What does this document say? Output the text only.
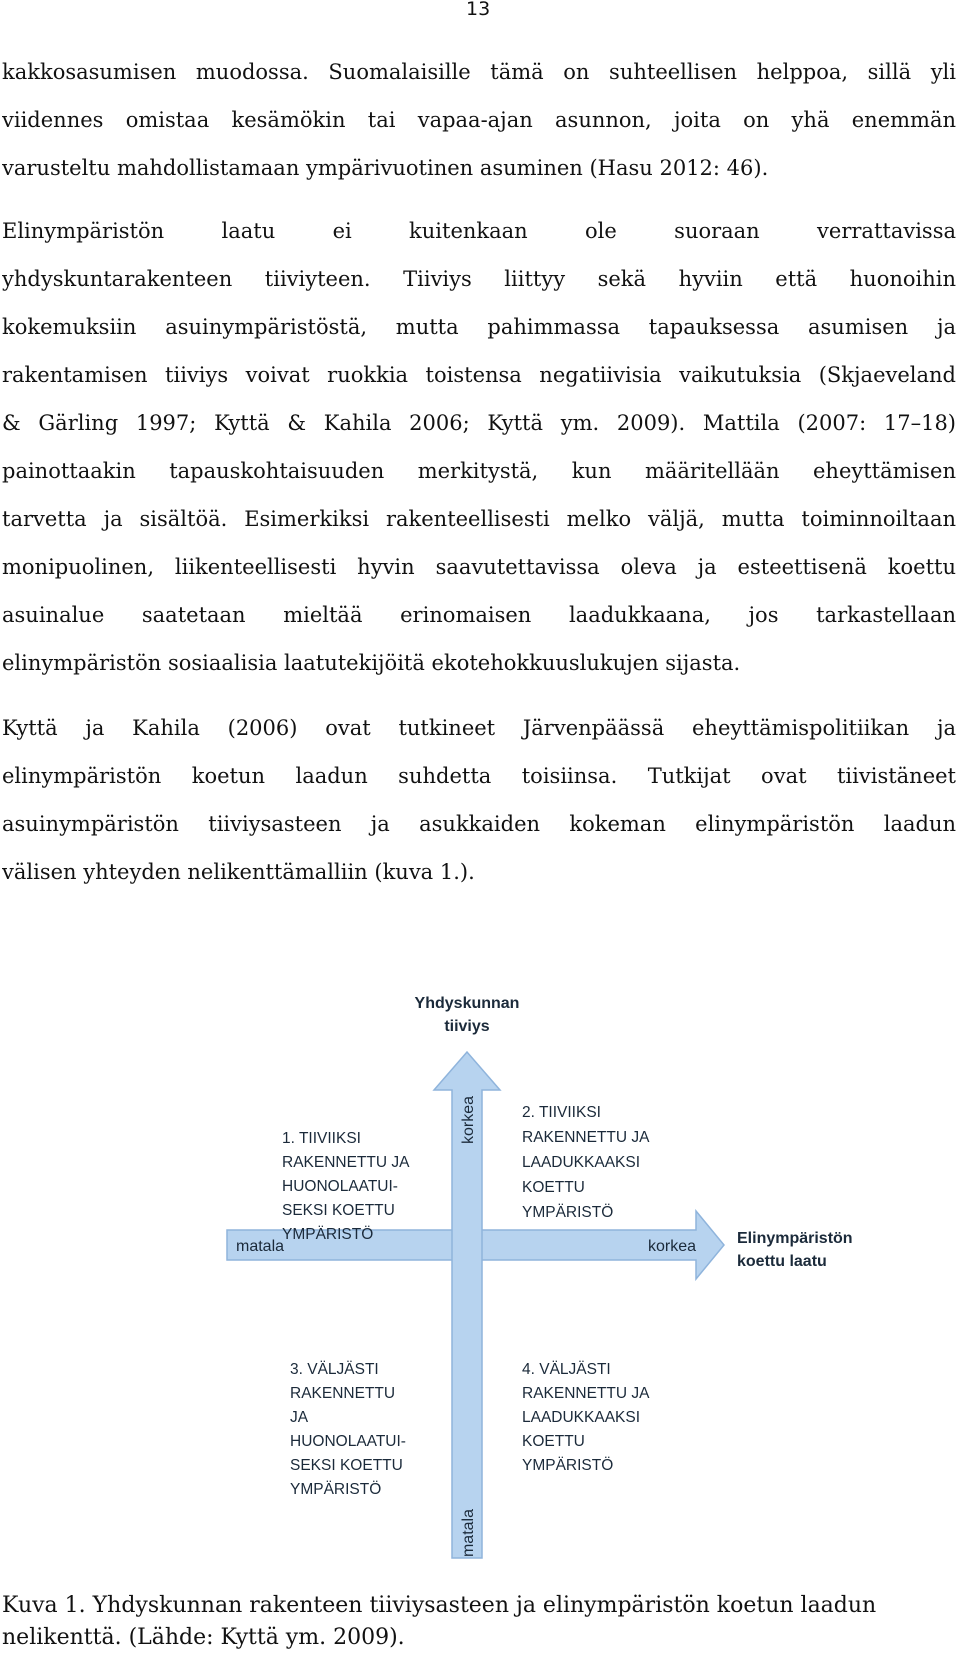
13
kakkosasumisen muodossa. Suomalaisille tämä on suhteellisen helppoa, sillä yli
viidennes omistaa kesämökin tai vapaa-ajan asunnon, joita on yhä enemmän
varusteltu mahdollistamaan ympärivuotinen asuminen (Hasu 2012: 46).
Elinympäristön laatu ei kuitenkaan ole suoraan verrattavissa
yhdyskuntarakenteen tiiviyteen. Tiiviys liittyy sekä hyviin että huonoihin
kokemuksiin asuinympäristöstä, mutta pahimmassa tapauksessa asumisen ja
rakentamisen tiiviys voivat ruokkia toistensa negatiivisia vaikutuksia (Skjaeveland
& Gärling 1997; Kyttä & Kahila 2006; Kyttä ym. 2009). Mattila (2007: 17–18)
painottaakin tapauskohtaisuuden merkitystä, kun määritellään eheyttämisen
tarvetta ja sisältöä. Esimerkiksi rakenteellisesti melko väljä, mutta toiminnoiltaan
monipuolinen, liikenteellisesti hyvin saavutettavissa oleva ja esteettisenä koettu
asuinalue saatetaan mieltää erinomaisen laadukkaana, jos tarkastellaan
elinympäristön sosiaalisia laatutekijöitä ekotehokkuuslukujen sijasta.
Kyttä ja Kahila (2006) ovat tutkineet Järvenpäässä eheyttämispolitiikan ja
elinympäristön koetun laadun suhdetta toisiinsa. Tutkijat ovat tiivistäneet
asuinympäristön tiiviysasteen ja asukkaiden kokeman elinympäristön laadun
välisen yhteyden nelikenttämalliin (kuva 1.).
Yhdyskunnan
tiiviys
korkea
matala
matala	korkea	Elinympäristön
koettu laatu
1. TIIVIIKSI
RAKENNETTU JA
HUONOLAATUI-
SEKSI KOETTU
YMPÄRISTÖ
2. TIIVIIKSI
RAKENNETTU JA
LAADUKKAAKSI
KOETTU
YMPÄRISTÖ
3. VÄLJÄSTI
RAKENNETTU
JA
HUONOLAATUI-
SEKSI KOETTU
YMPÄRISTÖ
4. VÄLJÄSTI
RAKENNETTU JA
LAADUKKAAKSI
KOETTU
YMPÄRISTÖ
Kuva 1. Yhdyskunnan rakenteen tiiviysasteen ja elinympäristön koetun laadun
nelikenttä. (Lähde: Kyttä ym. 2009).
